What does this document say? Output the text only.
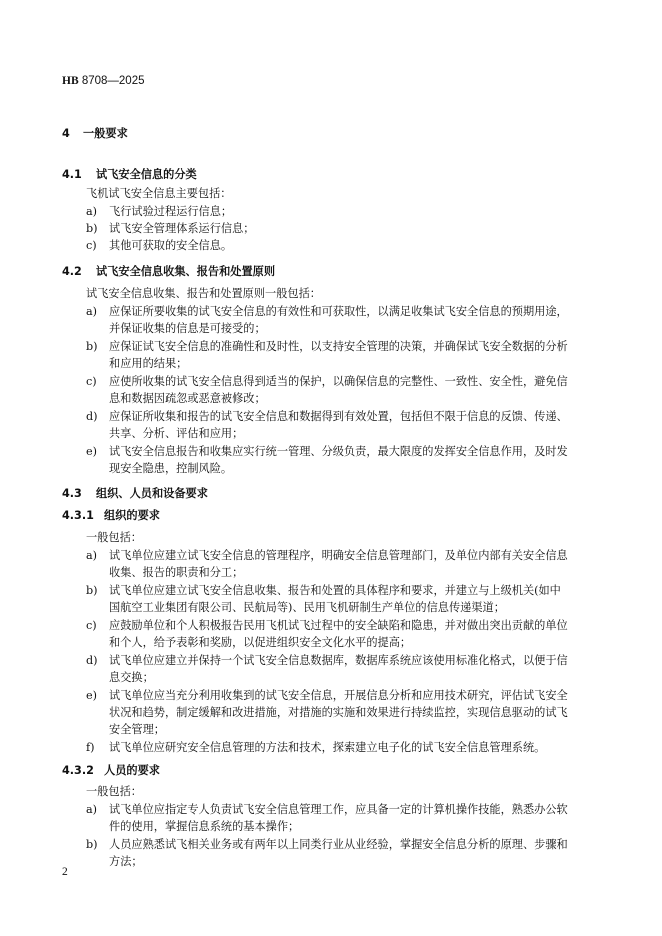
HB 8708—2025
4 一般要求
4.1 试飞安全信息的分类
飞机试飞安全信息主要包括：
a)	飞行试验过程运行信息；
b)	试飞安全管理体系运行信息；
c)	其他可获取的安全信息。
4.2 试飞安全信息收集、报告和处置原则
试飞安全信息收集、报告和处置原则一般包括：
a)	应保证所要收集的试飞安全信息的有效性和可获取性，以满足收集试飞安全信息的预期用途，
并保证收集的信息是可接受的；
b)	应保证试飞安全信息的准确性和及时性，以支持安全管理的决策，并确保试飞安全数据的分析
和应用的结果；
c)	应使所收集的试飞安全信息得到适当的保护，以确保信息的完整性、一致性、安全性，避免信
息和数据因疏忽或恶意被修改；
d)	应保证所收集和报告的试飞安全信息和数据得到有效处置，包括但不限于信息的反馈、传递、
共享、分析、评估和应用；
e)	试飞安全信息报告和收集应实行统一管理、分级负责，最大限度的发挥安全信息作用，及时发
现安全隐患，控制风险。
4.3 组织、人员和设备要求
4.3.1 组织的要求
一般包括：
a)	试飞单位应建立试飞安全信息的管理程序，明确安全信息管理部门，及单位内部有关安全信息
收集、报告的职责和分工；
b)	试飞单位应建立试飞安全信息收集、报告和处置的具体程序和要求，并建立与上级机关(如中
国航空工业集团有限公司、民航局等)、民用飞机研制生产单位的信息传递渠道；
c)	应鼓励单位和个人积极报告民用飞机试飞过程中的安全缺陷和隐患，并对做出突出贡献的单位
和个人，给予表彰和奖励，以促进组织安全文化水平的提高；
d)	试飞单位应建立并保持一个试飞安全信息数据库，数据库系统应该使用标准化格式，以便于信
息交换；
e)	试飞单位应当充分利用收集到的试飞安全信息，开展信息分析和应用技术研究，评估试飞安全
状况和趋势，制定缓解和改进措施，对措施的实施和效果进行持续监控，实现信息驱动的试飞
安全管理；
f)	试飞单位应研究安全信息管理的方法和技术，探索建立电子化的试飞安全信息管理系统。
4.3.2 人员的要求
一般包括：
a)	试飞单位应指定专人负责试飞安全信息管理工作，应具备一定的计算机操作技能，熟悉办公软
件的使用，掌握信息系统的基本操作；
b)	人员应熟悉试飞相关业务或有两年以上同类行业从业经验，掌握安全信息分析的原理、步骤和
方法；
2
